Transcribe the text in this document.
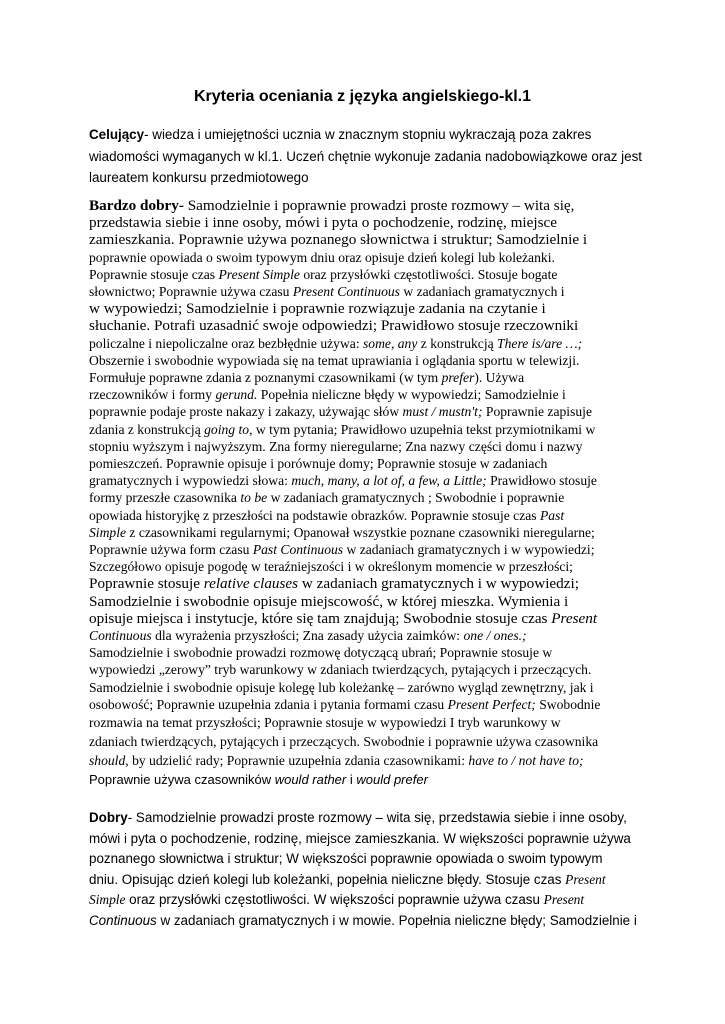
Kryteria oceniania z języka angielskiego-kl.1

Celujący- wiedza i umiejętności ucznia w znacznym stopniu wykraczają poza zakres

wiadomości wymaganych w kl.1. Uczeń chętnie wykonuje zadania nadobowiązkowe oraz jest

laureatem konkursu przedmiotowego

Bardzo dobry- Samodzielnie i poprawnie prowadzi proste rozmowy – wita się,

przedstawia siebie i inne osoby, mówi i pyta o pochodzenie, rodzinę, miejsce

zamieszkania. Poprawnie używa poznanego słownictwa i struktur; Samodzielnie i

poprawnie opowiada o swoim typowym dniu oraz opisuje dzień kolegi lub koleżanki.

Poprawnie stosuje czas Present Simple oraz przysłówki częstotliwości. Stosuje bogate

słownictwo; Poprawnie używa czasu Present Continuous w zadaniach gramatycznych i

w wypowiedzi; Samodzielnie i poprawnie rozwiązuje zadania na czytanie i

słuchanie. Potrafi uzasadnić swoje odpowiedzi; Prawidłowo stosuje rzeczowniki

policzalne i niepoliczalne oraz bezbłędnie używa: some, any z konstrukcją There is/are …;

Obszernie i swobodnie wypowiada się na temat uprawiania i oglądania sportu w telewizji.

Formułuje poprawne zdania z poznanymi czasownikami (w tym prefer). Używa

rzeczowników i formy gerund. Popełnia nieliczne błędy w wypowiedzi; Samodzielnie i

poprawnie podaje proste nakazy i zakazy, używając słów must / mustn't; Poprawnie zapisuje

zdania z konstrukcją going to, w tym pytania; Prawidłowo uzupełnia tekst przymiotnikami w

stopniu wyższym i najwyższym. Zna formy nieregularne; Zna nazwy części domu i nazwy

pomieszczeń. Poprawnie opisuje i porównuje domy; Poprawnie stosuje w zadaniach

gramatycznych i wypowiedzi słowa: much, many, a lot of, a few, a Little; Prawidłowo stosuje

formy przeszłe czasownika to be w zadaniach gramatycznych ; Swobodnie i poprawnie

opowiada historyjkę z przeszłości na podstawie obrazków. Poprawnie stosuje czas Past

Simple z czasownikami regularnymi; Opanował wszystkie poznane czasowniki nieregularne;

Poprawnie używa form czasu Past Continuous w zadaniach gramatycznych i w wypowiedzi;

Szczegółowo opisuje pogodę w teraźniejszości i w określonym momencie w przeszłości;

Poprawnie stosuje relative clauses w zadaniach gramatycznych i w wypowiedzi;

Samodzielnie i swobodnie opisuje miejscowość, w której mieszka. Wymienia i

opisuje miejsca i instytucje, które się tam znajdują; Swobodnie stosuje czas Present

Continuous dla wyrażenia przyszłości; Zna zasady użycia zaimków: one / ones.;

Samodzielnie i swobodnie prowadzi rozmowę dotyczącą ubrań; Poprawnie stosuje w

wypowiedzi „zerowy” tryb warunkowy w zdaniach twierdzących, pytających i przeczących.

Samodzielnie i swobodnie opisuje kolegę lub koleżankę – zarówno wygląd zewnętrzny, jak i

osobowość; Poprawnie uzupełnia zdania i pytania formami czasu Present Perfect; Swobodnie

rozmawia na temat przyszłości; Poprawnie stosuje w wypowiedzi I tryb warunkowy w

zdaniach twierdzących, pytających i przeczących. Swobodnie i poprawnie używa czasownika

should, by udzielić rady; Poprawnie uzupełnia zdania czasownikami: have to / not have to;

Poprawnie używa czasowników would rather i would prefer

Dobry- Samodzielnie prowadzi proste rozmowy – wita się, przedstawia siebie i inne osoby,

mówi i pyta o pochodzenie, rodzinę, miejsce zamieszkania. W większości poprawnie używa

poznanego słownictwa i struktur; W większości poprawnie opowiada o swoim typowym

dniu. Opisując dzień kolegi lub koleżanki, popełnia nieliczne błędy. Stosuje czas Present

Simple oraz przysłówki częstotliwości. W większości poprawnie używa czasu Present

Continuous w zadaniach gramatycznych i w mowie. Popełnia nieliczne błędy; Samodzielnie i
